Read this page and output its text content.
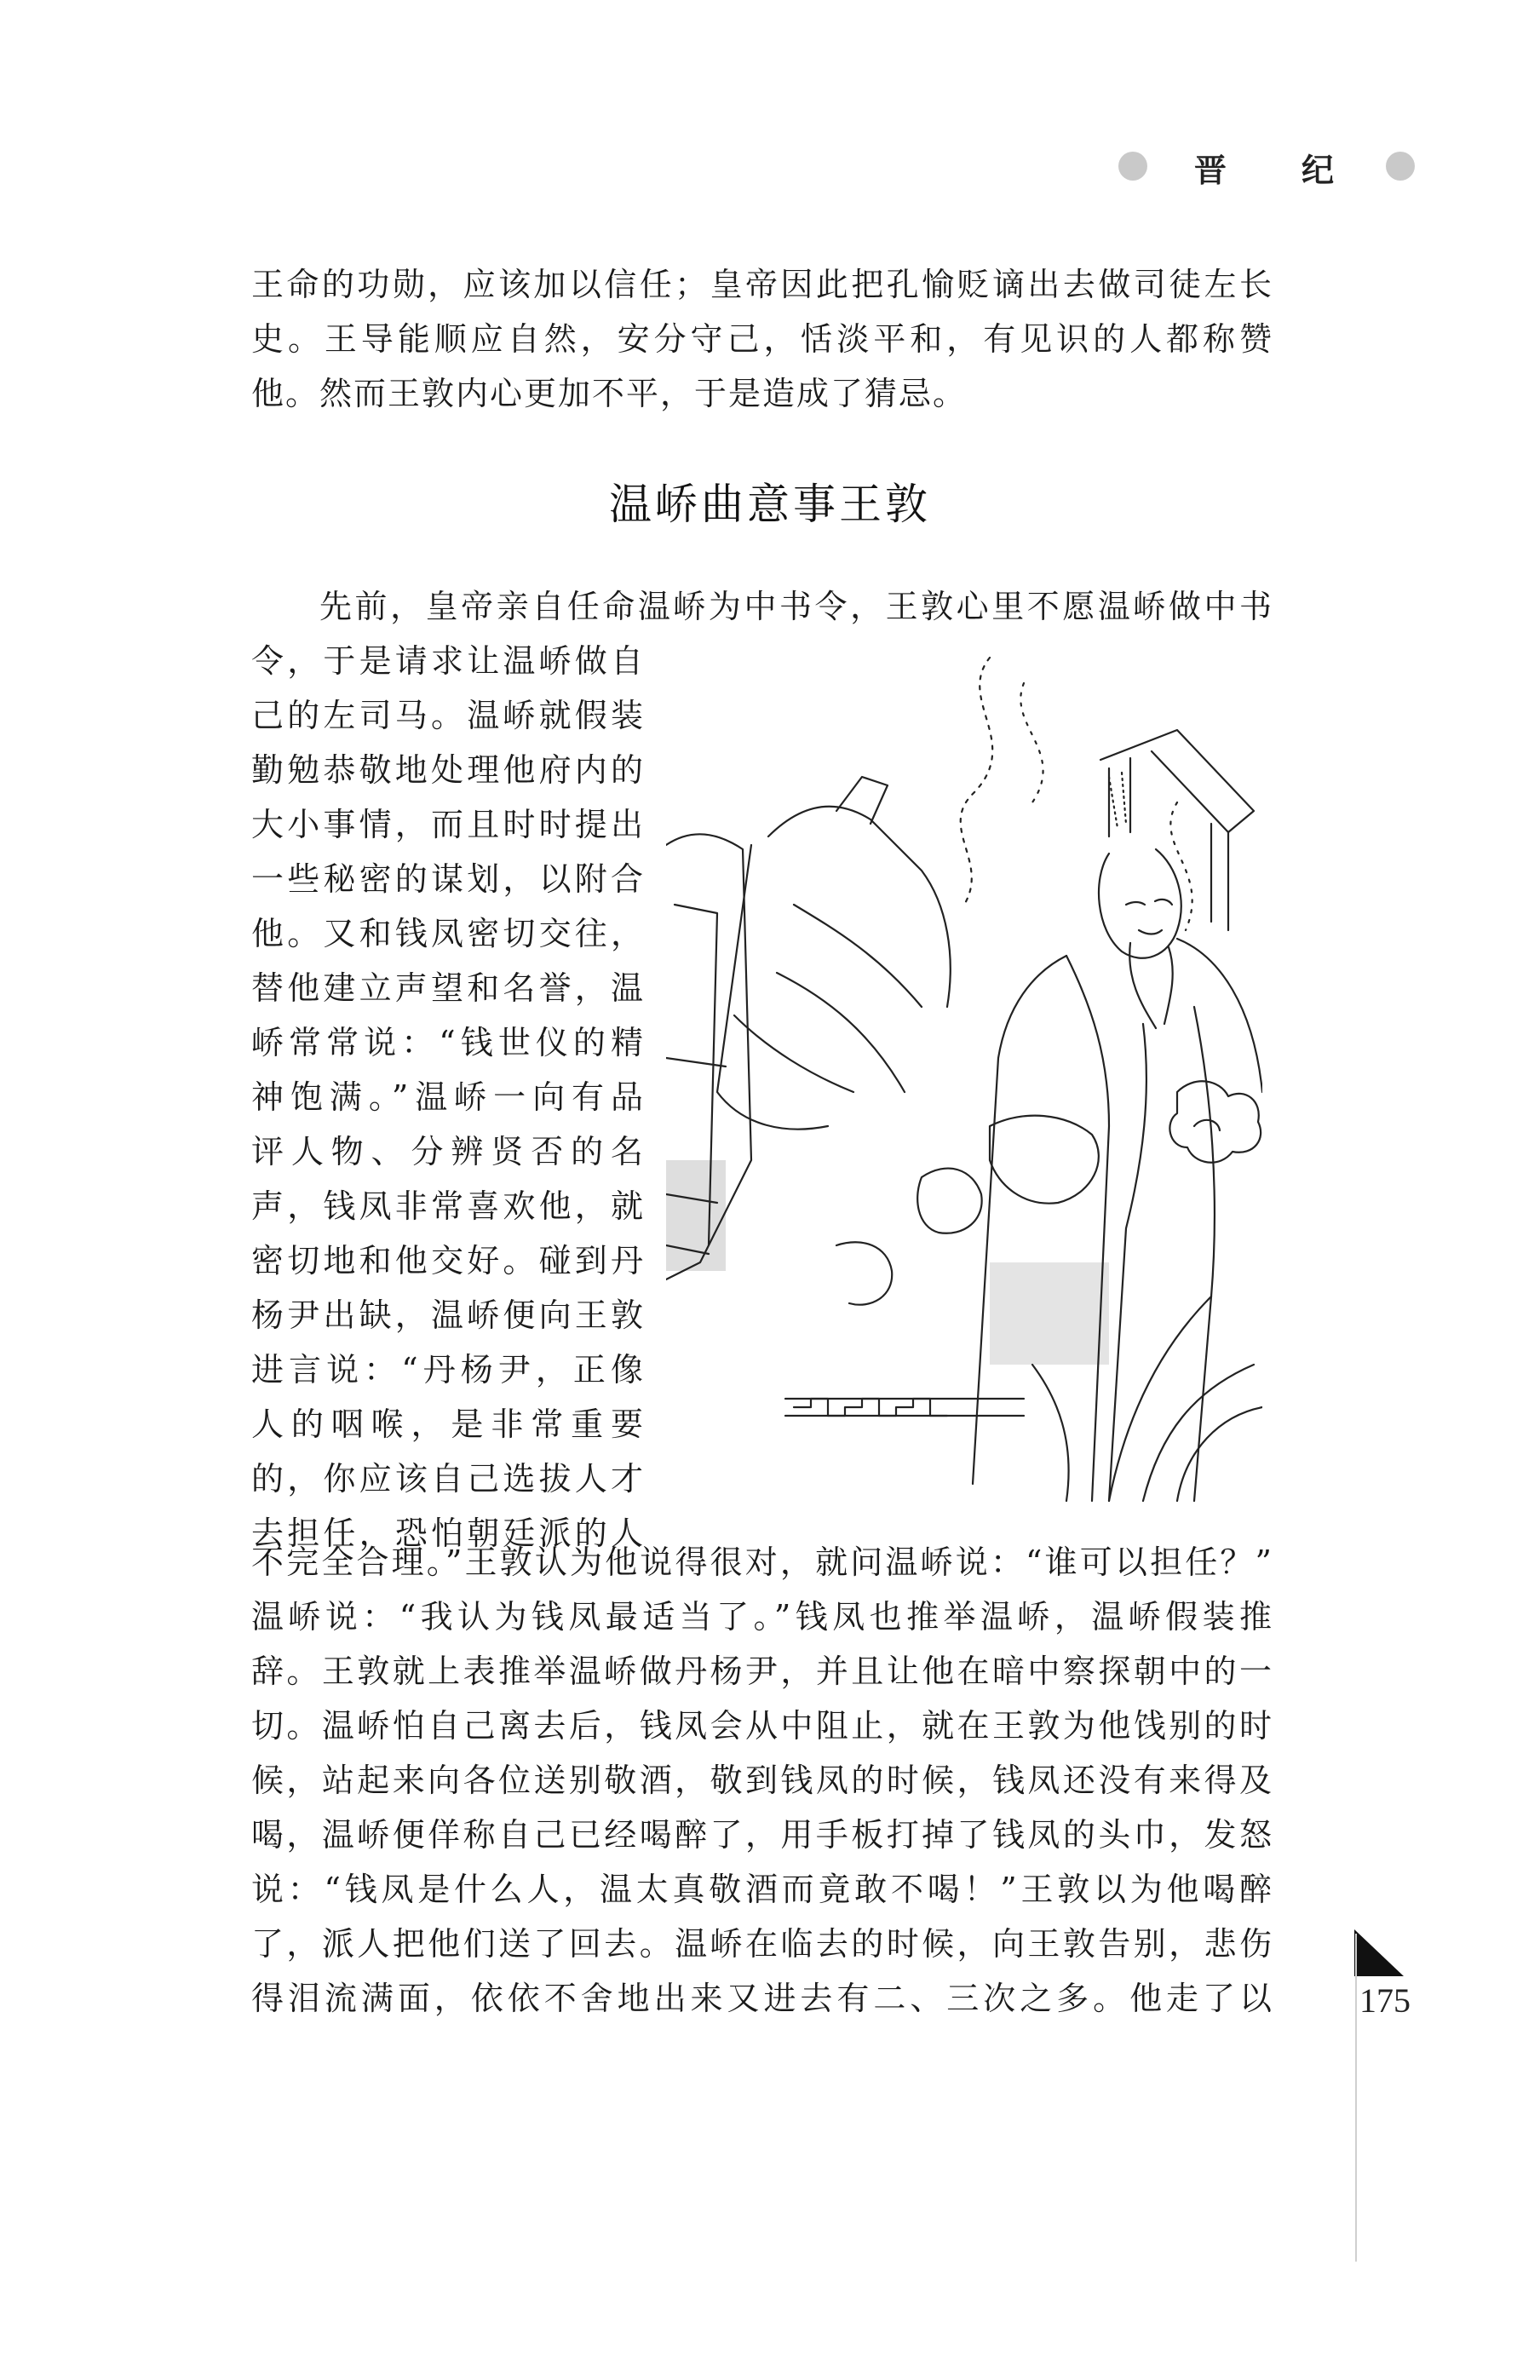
晋 纪
王命的功勋，应该加以信任；皇帝因此把孔愉贬谪出去做司徒左长
史。王导能顺应自然，安分守己，恬淡平和，有见识的人都称赞
他。然而王敦内心更加不平，于是造成了猜忌。
温峤曲意事王敦
先前，皇帝亲自任命温峤为中书令，王敦心里不愿温峤做中书
令，于是请求让温峤做自
己的左司马。温峤就假装
勤勉恭敬地处理他府内的
大小事情，而且时时提出
一些秘密的谋划，以附合
他。又和钱凤密切交往，
替他建立声望和名誉，温
峤常常说：“钱世仪的精
神饱满。”温峤一向有品
评人物、分辨贤否的名
声，钱凤非常喜欢他，就
密切地和他交好。碰到丹
杨尹出缺，温峤便向王敦
进言说：“丹杨尹，正像
人的咽喉，是非常重要
的，你应该自己选拔人才
去担任，恐怕朝廷派的人
不完全合理。”王敦认为他说得很对，就问温峤说：“谁可以担任？”
温峤说：“我认为钱凤最适当了。”钱凤也推举温峤，温峤假装推
辞。王敦就上表推举温峤做丹杨尹，并且让他在暗中察探朝中的一
切。温峤怕自己离去后，钱凤会从中阻止，就在王敦为他饯别的时
候，站起来向各位送别敬酒，敬到钱凤的时候，钱凤还没有来得及
喝，温峤便佯称自己已经喝醉了，用手板打掉了钱凤的头巾，发怒
说：“钱凤是什么人，温太真敬酒而竟敢不喝！”王敦以为他喝醉
了，派人把他们送了回去。温峤在临去的时候，向王敦告别，悲伤
得泪流满面，依依不舍地出来又进去有二、三次之多。他走了以	175
